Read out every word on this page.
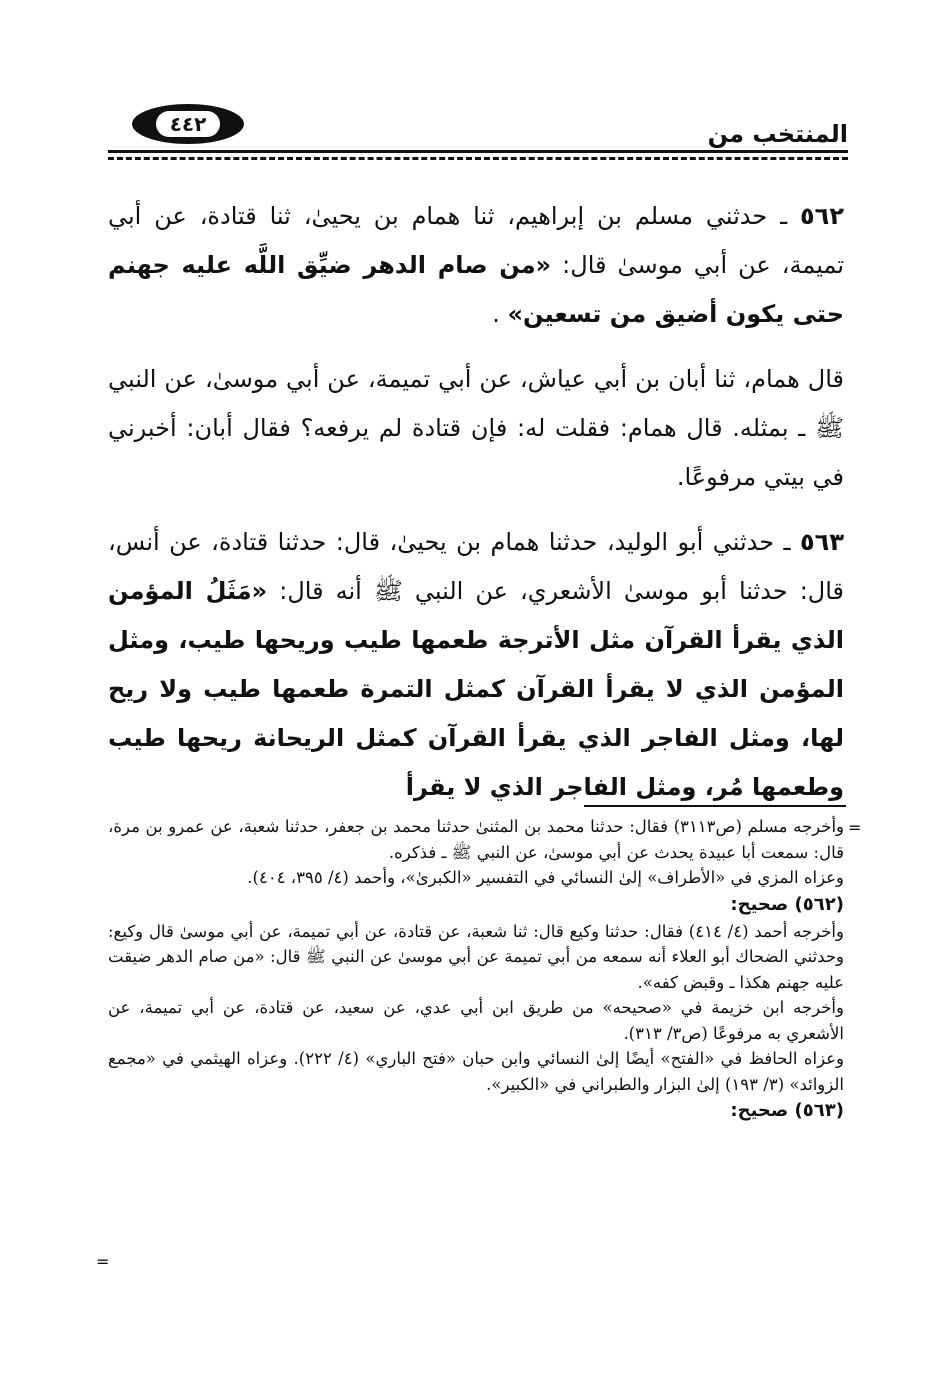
المنتخب من
٤٤٢

٥٦٢ ـ حدثني مسلم بن إبراهيم، ثنا همام بن يحيىٰ، ثنا قتادة، عن أبي تميمة، عن أبي موسىٰ قال: «من صام الدهر ضيِّق اللَّه عليه جهنم حتى يكون أضيق من تسعين» .

قال همام، ثنا أبان بن أبي عياش، عن أبي تميمة، عن أبي موسىٰ، عن النبي ﷺ ـ بمثله. قال همام: فقلت له: فإن قتادة لم يرفعه؟ فقال أبان: أخبرني في بيتي مرفوعًا.

٥٦٣ ـ حدثني أبو الوليد، حدثنا همام بن يحيىٰ، قال: حدثنا قتادة، عن أنس، قال: حدثنا أبو موسىٰ الأشعري، عن النبي ﷺ أنه قال: «مَثَلُ المؤمن الذي يقرأ القرآن مثل الأترجة طعمها طيب وريحها طيب، ومثل المؤمن الذي لا يقرأ القرآن كمثل التمرة طعمها طيب ولا ريح لها، ومثل الفاجر الذي يقرأ القرآن كمثل الريحانة ريحها طيب وطعمها مُر، ومثل الفاجر الذي لا يقرأ

=

وأخرجه مسلم (ص٣١١٣) فقال: حدثنا محمد بن المثنىٰ حدثنا محمد بن جعفر، حدثنا شعبة، عن عمرو بن مرة، قال: سمعت أبا عبيدة يحدث عن أبي موسىٰ، عن النبي ﷺ ـ فذكره.

وعزاه المزي في «الأطراف» إلىٰ النسائي في التفسير «الكبرىٰ»، وأحمد (٤/ ٣٩٥، ٤٠٤).

(٥٦٢) صحيح:

وأخرجه أحمد (٤/ ٤١٤) فقال: حدثنا وكيع قال: ثنا شعبة، عن قتادة، عن أبي تميمة، عن أبي موسىٰ قال وكيع: وحدثني الضحاك أبو العلاء أنه سمعه من أبي تميمة عن أبي موسىٰ عن النبي ﷺ قال: «من صام الدهر ضيقت عليه جهنم هكذا ـ وقبض كفه».

وأخرجه ابن خزيمة في «صحيحه» من طريق ابن أبي عدي، عن سعيد، عن قتادة، عن أبي تميمة، عن الأشعري به مرفوعًا (ص٣/ ٣١٣).

وعزاه الحافظ في «الفتح» أيضًا إلىٰ النسائي وابن حبان «فتح الباري» (٤/ ٢٢٢). وعزاه الهيثمي في «مجمع الزوائد» (٣/ ١٩٣) إلىٰ البزار والطبراني في «الكبير».

(٥٦٣) صحيح:

=
